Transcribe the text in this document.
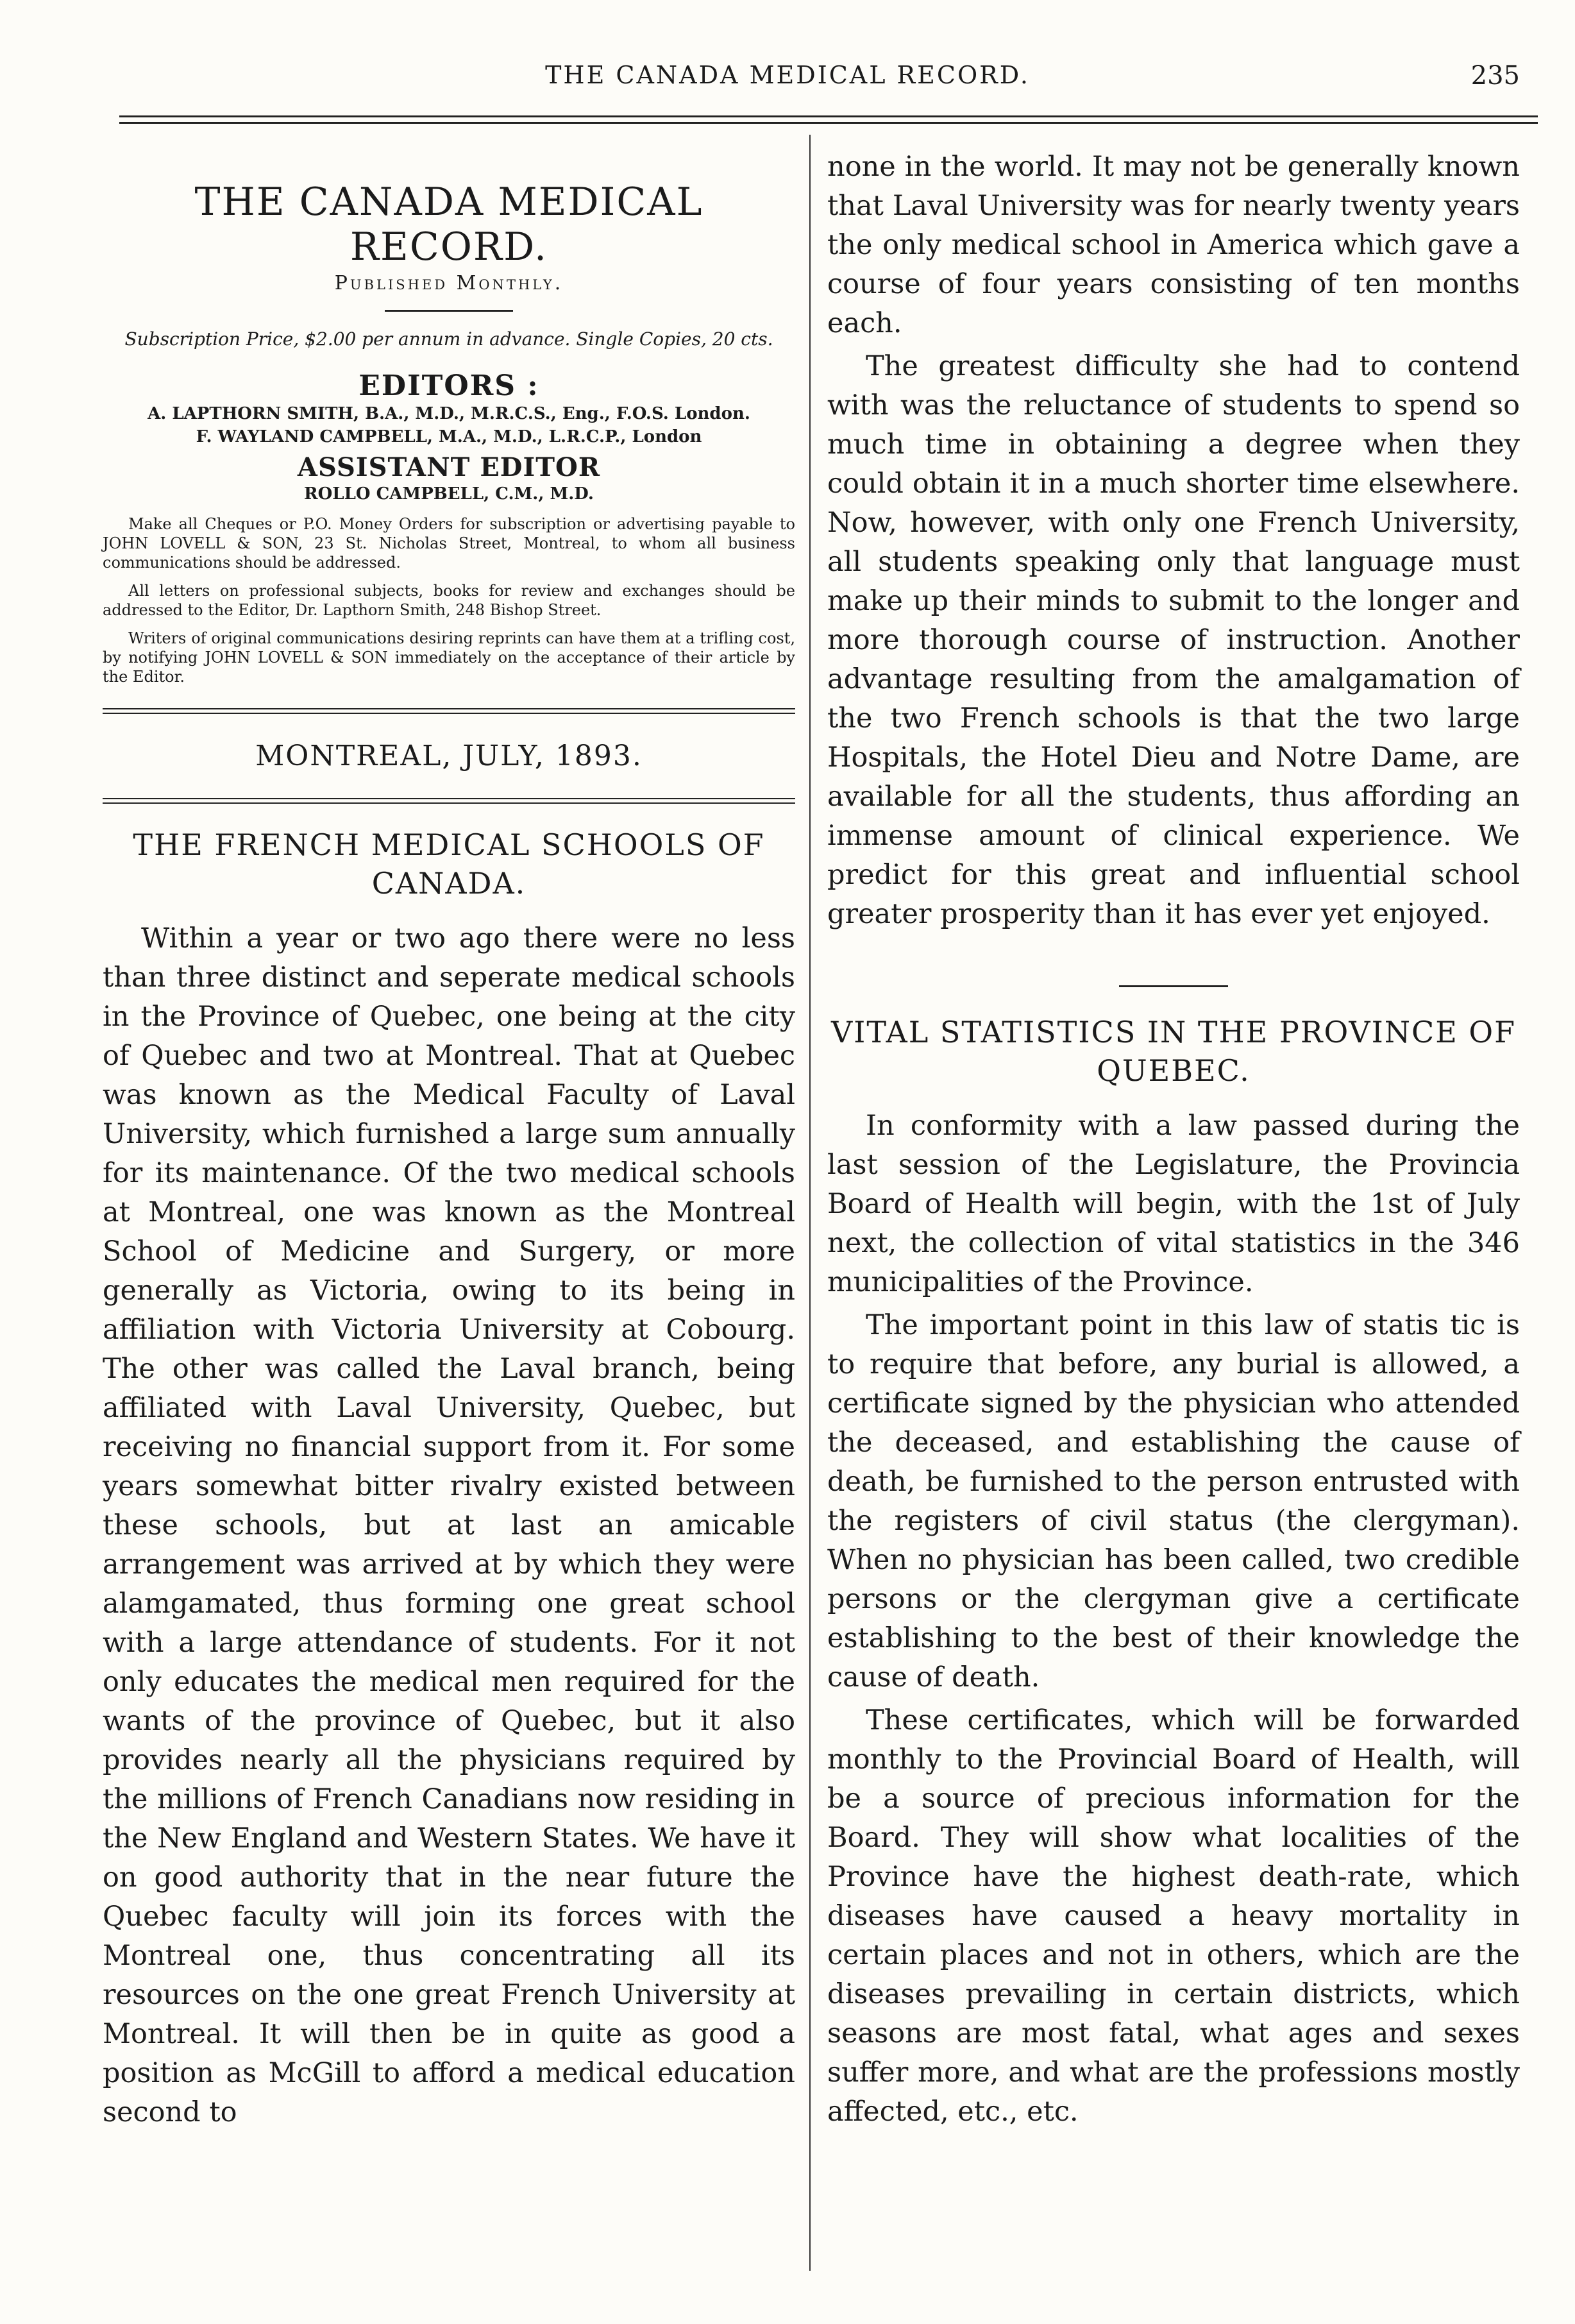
THE CANADA MEDICAL RECORD.	235
THE CANADA MEDICAL RECORD.
Published Monthly.
Subscription Price, $2.00 per annum in advance. Single Copies, 20 cts.
EDITORS :
A. LAPTHORN SMITH, B.A., M.D., M.R.C.S., Eng., F.O.S. London.
F. WAYLAND CAMPBELL, M.A., M.D., L.R.C.P., London
ASSISTANT EDITOR
ROLLO CAMPBELL, C.M., M.D.

Make all Cheques or P.O. Money Orders for subscription or advertising payable to JOHN LOVELL & SON, 23 St. Nicholas Street, Montreal, to whom all business communications should be addressed.

All letters on professional subjects, books for review and exchanges should be addressed to the Editor, Dr. Lapthorn Smith, 248 Bishop Street.

Writers of original communications desiring reprints can have them at a trifling cost, by notifying JOHN LOVELL & SON immediately on the acceptance of their article by the Editor.

MONTREAL, JULY, 1893.
THE FRENCH MEDICAL SCHOOLS OF CANADA.

Within a year or two ago there were no less than three distinct and seperate medical schools in the Province of Quebec, one being at the city of Quebec and two at Montreal. That at Quebec was known as the Medical Faculty of Laval University, which furnished a large sum annually for its maintenance. Of the two medical schools at Montreal, one was known as the Montreal School of Medicine and Surgery, or more generally as Victoria, owing to its being in affiliation with Victoria University at Cobourg. The other was called the Laval branch, being affiliated with Laval University, Quebec, but receiving no financial support from it. For some years somewhat bitter rivalry existed between these schools, but at last an amicable arrangement was arrived at by which they were alamgamated, thus forming one great school with a large attendance of students. For it not only educates the medical men required for the wants of the province of Quebec, but it also provides nearly all the physicians required by the millions of French Canadians now residing in the New England and Western States. We have it on good authority that in the near future the Quebec faculty will join its forces with the Montreal one, thus concentrating all its resources on the one great French University at Montreal. It will then be in quite as good a position as McGill to afford a medical education second to

none in the world. It may not be generally known that Laval University was for nearly twenty years the only medical school in America which gave a course of four years consisting of ten months each.

The greatest difficulty she had to contend with was the reluctance of students to spend so much time in obtaining a degree when they could obtain it in a much shorter time elsewhere. Now, however, with only one French University, all students speaking only that language must make up their minds to submit to the longer and more thorough course of instruction. Another advantage resulting from the amalgamation of the two French schools is that the two large Hospitals, the Hotel Dieu and Notre Dame, are available for all the students, thus affording an immense amount of clinical experience. We predict for this great and influential school greater prosperity than it has ever yet enjoyed.

VITAL STATISTICS IN THE PROVINCE OF QUEBEC.

In conformity with a law passed during the last session of the Legislature, the Provincia Board of Health will begin, with the 1st of July next, the collection of vital statistics in the 346 municipalities of the Province.

The important point in this law of statis tic is to require that before, any burial is allowed, a certificate signed by the physician who attended the deceased, and establishing the cause of death, be furnished to the person entrusted with the registers of civil status (the clergyman). When no physician has been called, two credible persons or the clergyman give a certificate establishing to the best of their knowledge the cause of death.

These certificates, which will be forwarded monthly to the Provincial Board of Health, will be a source of precious information for the Board. They will show what localities of the Province have the highest death-rate, which diseases have caused a heavy mortality in certain places and not in others, which are the diseases prevailing in certain districts, which seasons are most fatal, what ages and sexes suffer more, and what are the professions mostly affected, etc., etc.
